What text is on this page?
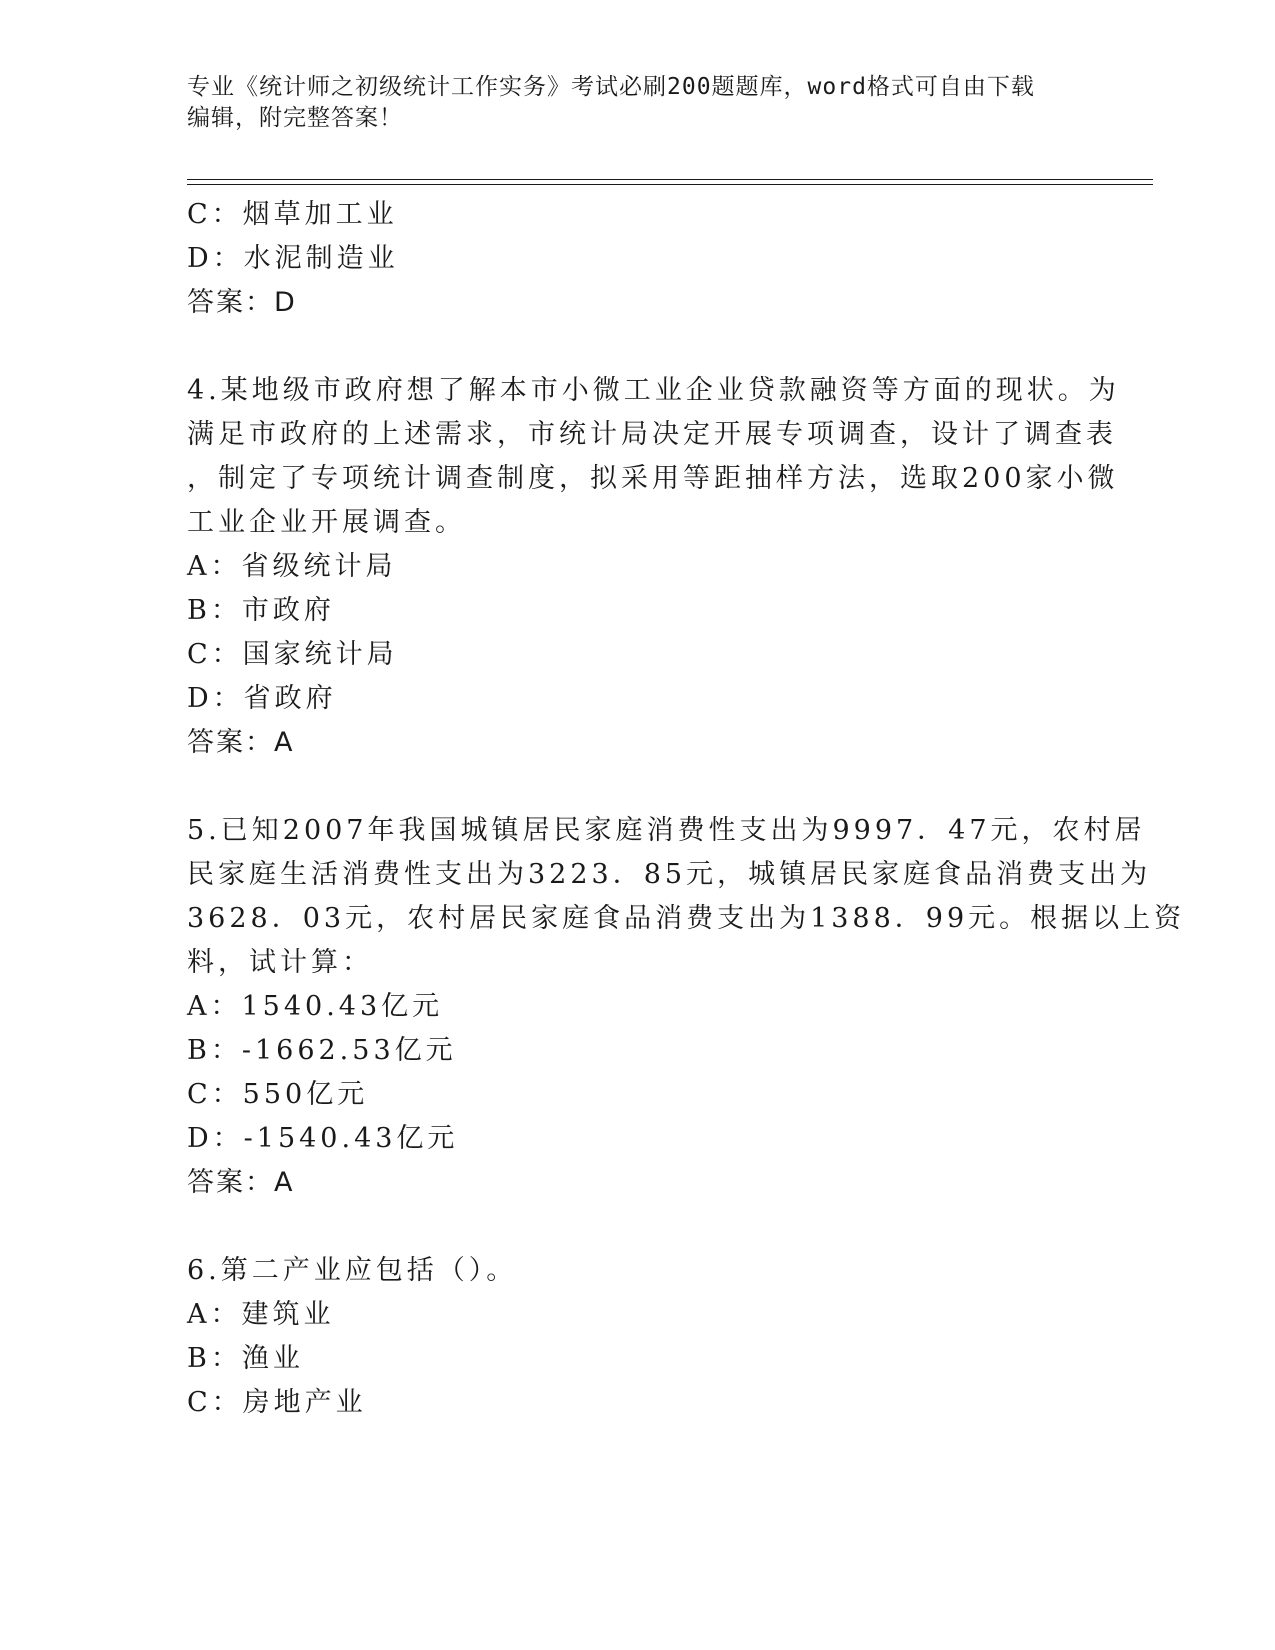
专业《统计师之初级统计工作实务》考试必刷200题题库，word格式可自由下载
编辑，附完整答案！
C：烟草加工业
D：水泥制造业
答案：D
4.某地级市政府想了解本市小微工业企业贷款融资等方面的现状。为
满足市政府的上述需求，市统计局决定开展专项调查，设计了调查表
，制定了专项统计调查制度，拟采用等距抽样方法，选取200家小微
工业企业开展调查。
A：省级统计局
B：市政府
C：国家统计局
D：省政府
答案：A
5.已知2007年我国城镇居民家庭消费性支出为9997．47元，农村居
民家庭生活消费性支出为3223．85元，城镇居民家庭食品消费支出为
3628．03元，农村居民家庭食品消费支出为1388．99元。根据以上资
料，试计算：
A：1540.43亿元
B：-1662.53亿元
C：550亿元
D：-1540.43亿元
答案：A
6.第二产业应包括（）。
A：建筑业
B：渔业
C：房地产业
